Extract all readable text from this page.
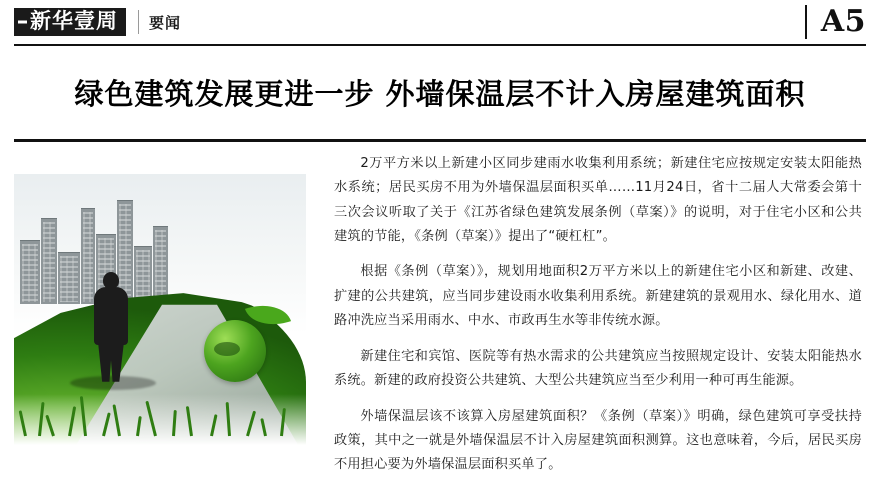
新华壹周	要闻	A5
绿色建筑发展更进一步 外墙保温层不计入房屋建筑面积

2万平方米以上新建小区同步建雨水收集利用系统；新建住宅应按规定安装太阳能热水系统；居民买房不用为外墙保温层面积买单……11月24日，省十二届人大常委会第十三次会议听取了关于《江苏省绿色建筑发展条例（草案）》的说明，对于住宅小区和公共建筑的节能，《条例（草案）》提出了“硬杠杠”。

根据《条例（草案）》，规划用地面积2万平方米以上的新建住宅小区和新建、改建、扩建的公共建筑，应当同步建设雨水收集利用系统。新建建筑的景观用水、绿化用水、道路冲洗应当采用雨水、中水、市政再生水等非传统水源。

新建住宅和宾馆、医院等有热水需求的公共建筑应当按照规定设计、安装太阳能热水系统。新建的政府投资公共建筑、大型公共建筑应当至少利用一种可再生能源。

外墙保温层该不该算入房屋建筑面积？《条例（草案）》明确，绿色建筑可享受扶持政策，其中之一就是外墙保温层不计入房屋建筑面积测算。这也意味着，今后，居民买房不用担心要为外墙保温层面积买单了。
